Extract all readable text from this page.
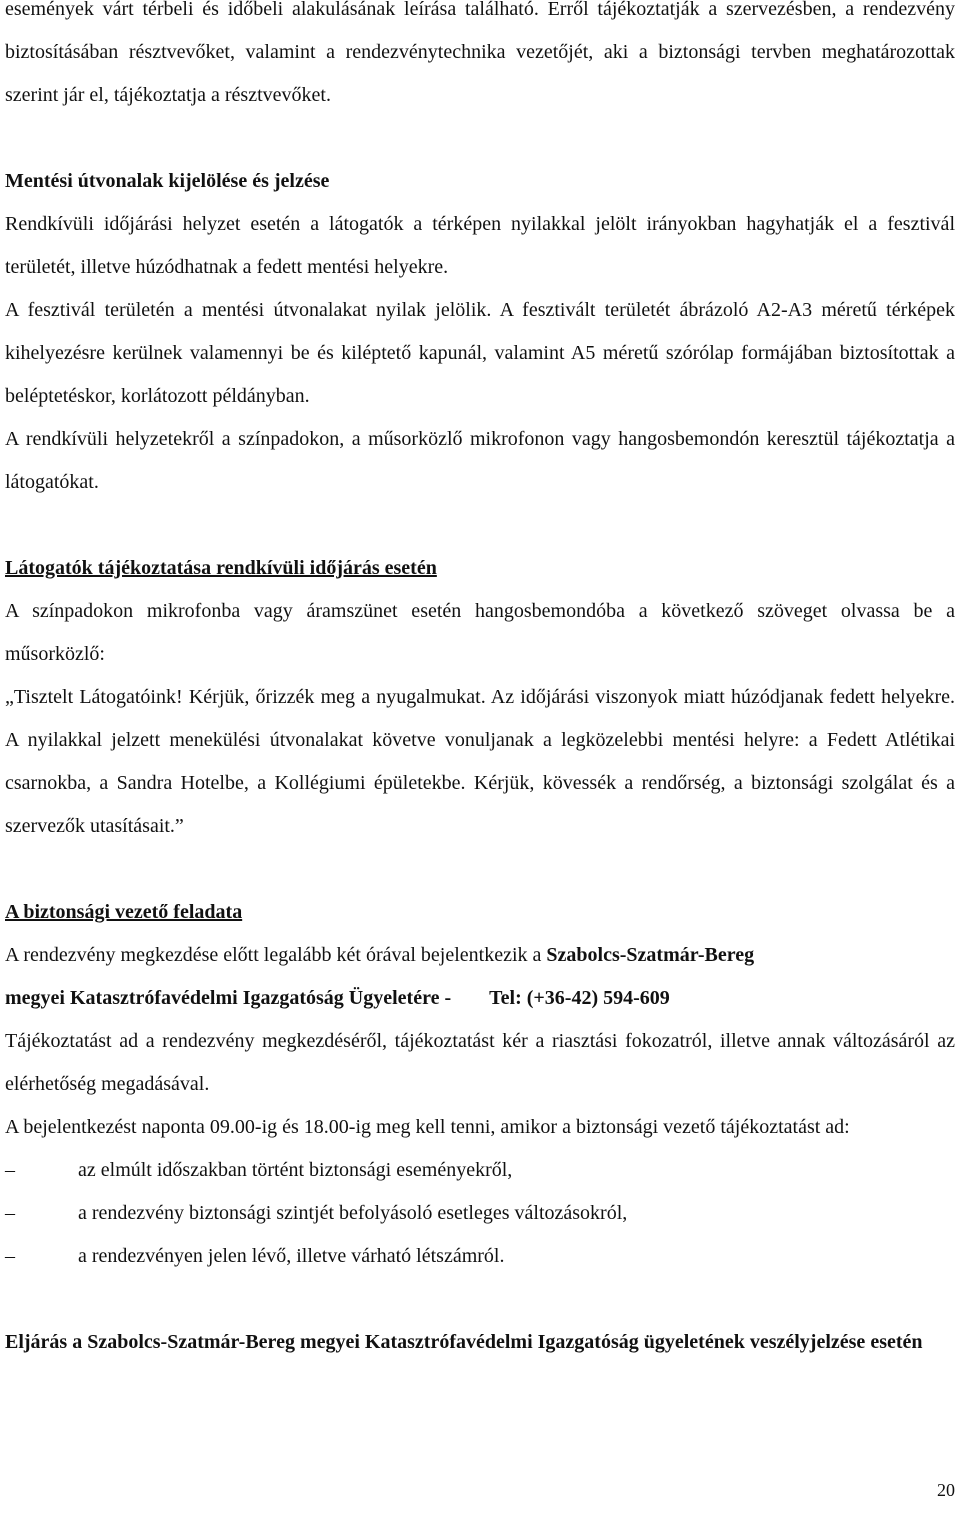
események várt térbeli és időbeli alakulásának leírása található. Erről tájékoztatják a szervezésben, a rendezvény biztosításában résztvevőket, valamint a rendezvénytechnika vezetőjét, aki a biztonsági tervben meghatározottak szerint jár el, tájékoztatja a résztvevőket.

Mentési útvonalak kijelölése és jelzése

Rendkívüli időjárási helyzet esetén a látogatók a térképen nyilakkal jelölt irányokban hagyhatják el a fesztivál területét, illetve húzódhatnak a fedett mentési helyekre.

A fesztivál területén a mentési útvonalakat nyilak jelölik. A fesztivált területét ábrázoló A2-A3 méretű térképek kihelyezésre kerülnek valamennyi be és kiléptető kapunál, valamint A5 méretű szórólap formájában biztosítottak a beléptetéskor, korlátozott példányban.

A rendkívüli helyzetekről a színpadokon, a műsorközlő mikrofonon vagy hangosbemondón keresztül tájékoztatja a látogatókat.

Látogatók tájékoztatása rendkívüli időjárás esetén

A színpadokon mikrofonba vagy áramszünet esetén hangosbemondóba a következő szöveget olvassa be a műsorközlő:

„Tisztelt Látogatóink! Kérjük, őrizzék meg a nyugalmukat. Az időjárási viszonyok miatt húzódjanak fedett helyekre. A nyilakkal jelzett menekülési útvonalakat követve vonuljanak a legközelebbi mentési helyre: a Fedett Atlétikai csarnokba, a Sandra Hotelbe, a Kollégiumi épületekbe. Kérjük, kövessék a rendőrség, a biztonsági szolgálat és a szervezők utasításait.”

A biztonsági vezető feladata

A rendezvény megkezdése előtt legalább két órával bejelentkezik a Szabolcs-Szatmár-Bereg

megyei Katasztrófavédelmi Igazgatóság Ügyeletére - Tel: (+36-42) 594-609

Tájékoztatást ad a rendezvény megkezdéséről, tájékoztatást kér a riasztási fokozatról, illetve annak változásáról az elérhetőség megadásával.

A bejelentkezést naponta 09.00-ig és 18.00-ig meg kell tenni, amikor a biztonsági vezető tájékoztatást ad:

–	az elmúlt időszakban történt biztonsági eseményekről,
–	a rendezvény biztonsági szintjét befolyásoló esetleges változásokról,
–	a rendezvényen jelen lévő, illetve várható létszámról.

Eljárás a Szabolcs-Szatmár-Bereg megyei Katasztrófavédelmi Igazgatóság ügyeletének veszélyjelzése esetén

20
